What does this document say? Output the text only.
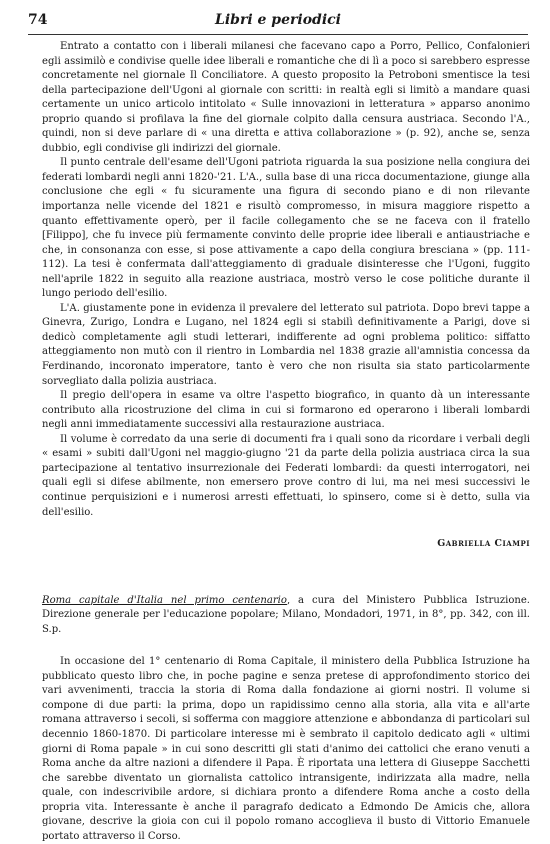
74	Libri e periodici

Entrato a contatto con i liberali milanesi che facevano capo a Porro, Pellico, Confalonieri egli assimilò e condivise quelle idee liberali e romantiche che di lì a poco si sarebbero espresse concretamente nel giornale Il Conciliatore. A questo proposito la Petroboni smentisce la tesi della partecipazione dell'Ugoni al giornale con scritti: in realtà egli si limitò a mandare quasi certamente un unico articolo intitolato « Sulle innovazioni in letteratura » apparso anonimo proprio quando si profilava la fine del giornale colpito dalla censura austriaca. Secondo l'A., quindi, non si deve parlare di « una diretta e attiva collaborazione » (p. 92), anche se, senza dubbio, egli condivise gli indirizzi del giornale.

Il punto centrale dell'esame dell'Ugoni patriota riguarda la sua posizione nella congiura dei federati lombardi negli anni 1820-'21. L'A., sulla base di una ricca documentazione, giunge alla conclusione che egli « fu sicuramente una figura di secondo piano e di non rilevante importanza nelle vicende del 1821 e risultò compromesso, in misura maggiore rispetto a quanto effettivamente operò, per il facile collegamento che se ne faceva con il fratello [Filippo], che fu invece più fermamente convinto delle proprie idee liberali e antiaustriache e che, in consonanza con esse, si pose attivamente a capo della congiura bresciana » (pp. 111-112). La tesi è confermata dall'atteggiamento di graduale disinteresse che l'Ugoni, fuggito nell'aprile 1822 in seguito alla reazione austriaca, mostrò verso le cose politiche durante il lungo periodo dell'esilio.

L'A. giustamente pone in evidenza il prevalere del letterato sul patriota. Dopo brevi tappe a Ginevra, Zurigo, Londra e Lugano, nel 1824 egli si stabilì definitivamente a Parigi, dove si dedicò completamente agli studi letterari, indifferente ad ogni problema politico: siffatto atteggiamento non mutò con il rientro in Lombardia nel 1838 grazie all'amnistia concessa da Ferdinando, incoronato imperatore, tanto è vero che non risulta sia stato particolarmente sorvegliato dalla polizia austriaca.

Il pregio dell'opera in esame va oltre l'aspetto biografico, in quanto dà un interessante contributo alla ricostruzione del clima in cui si formarono ed operarono i liberali lombardi negli anni immediatamente successivi alla restaurazione austriaca.

Il volume è corredato da una serie di documenti fra i quali sono da ricordare i verbali degli « esami » subiti dall'Ugoni nel maggio-giugno '21 da parte della polizia austriaca circa la sua partecipazione al tentativo insurrezionale dei Federati lombardi: da questi interrogatori, nei quali egli si difese abilmente, non emersero prove contro di lui, ma nei mesi successivi le continue perquisizioni e i numerosi arresti effettuati, lo spinsero, come si è detto, sulla via dell'esilio.

Gabriella Ciampi

Roma capitale d'Italia nel primo centenario, a cura del Ministero Pubblica Istruzione. Direzione generale per l'educazione popolare; Milano, Mondadori, 1971, in 8°, pp. 342, con ill. S.p.

In occasione del 1° centenario di Roma Capitale, il ministero della Pubblica Istruzione ha pubblicato questo libro che, in poche pagine e senza pretese di approfondimento storico dei vari avvenimenti, traccia la storia di Roma dalla fondazione ai giorni nostri. Il volume si compone di due parti: la prima, dopo un rapidissimo cenno alla storia, alla vita e all'arte romana attraverso i secoli, si sofferma con maggiore attenzione e abbondanza di particolari sul decennio 1860-1870. Di particolare interesse mi è sembrato il capitolo dedicato agli « ultimi giorni di Roma papale » in cui sono descritti gli stati d'animo dei cattolici che erano venuti a Roma anche da altre nazioni a difendere il Papa. È riportata una lettera di Giuseppe Sacchetti che sarebbe diventato un giornalista cattolico intransigente, indirizzata alla madre, nella quale, con indescrivibile ardore, si dichiara pronto a difendere Roma anche a costo della propria vita. Interessante è anche il paragrafo dedicato a Edmondo De Amicis che, allora giovane, descrive la gioia con cui il popolo romano accoglieva il busto di Vittorio Emanuele portato attraverso il Corso.
